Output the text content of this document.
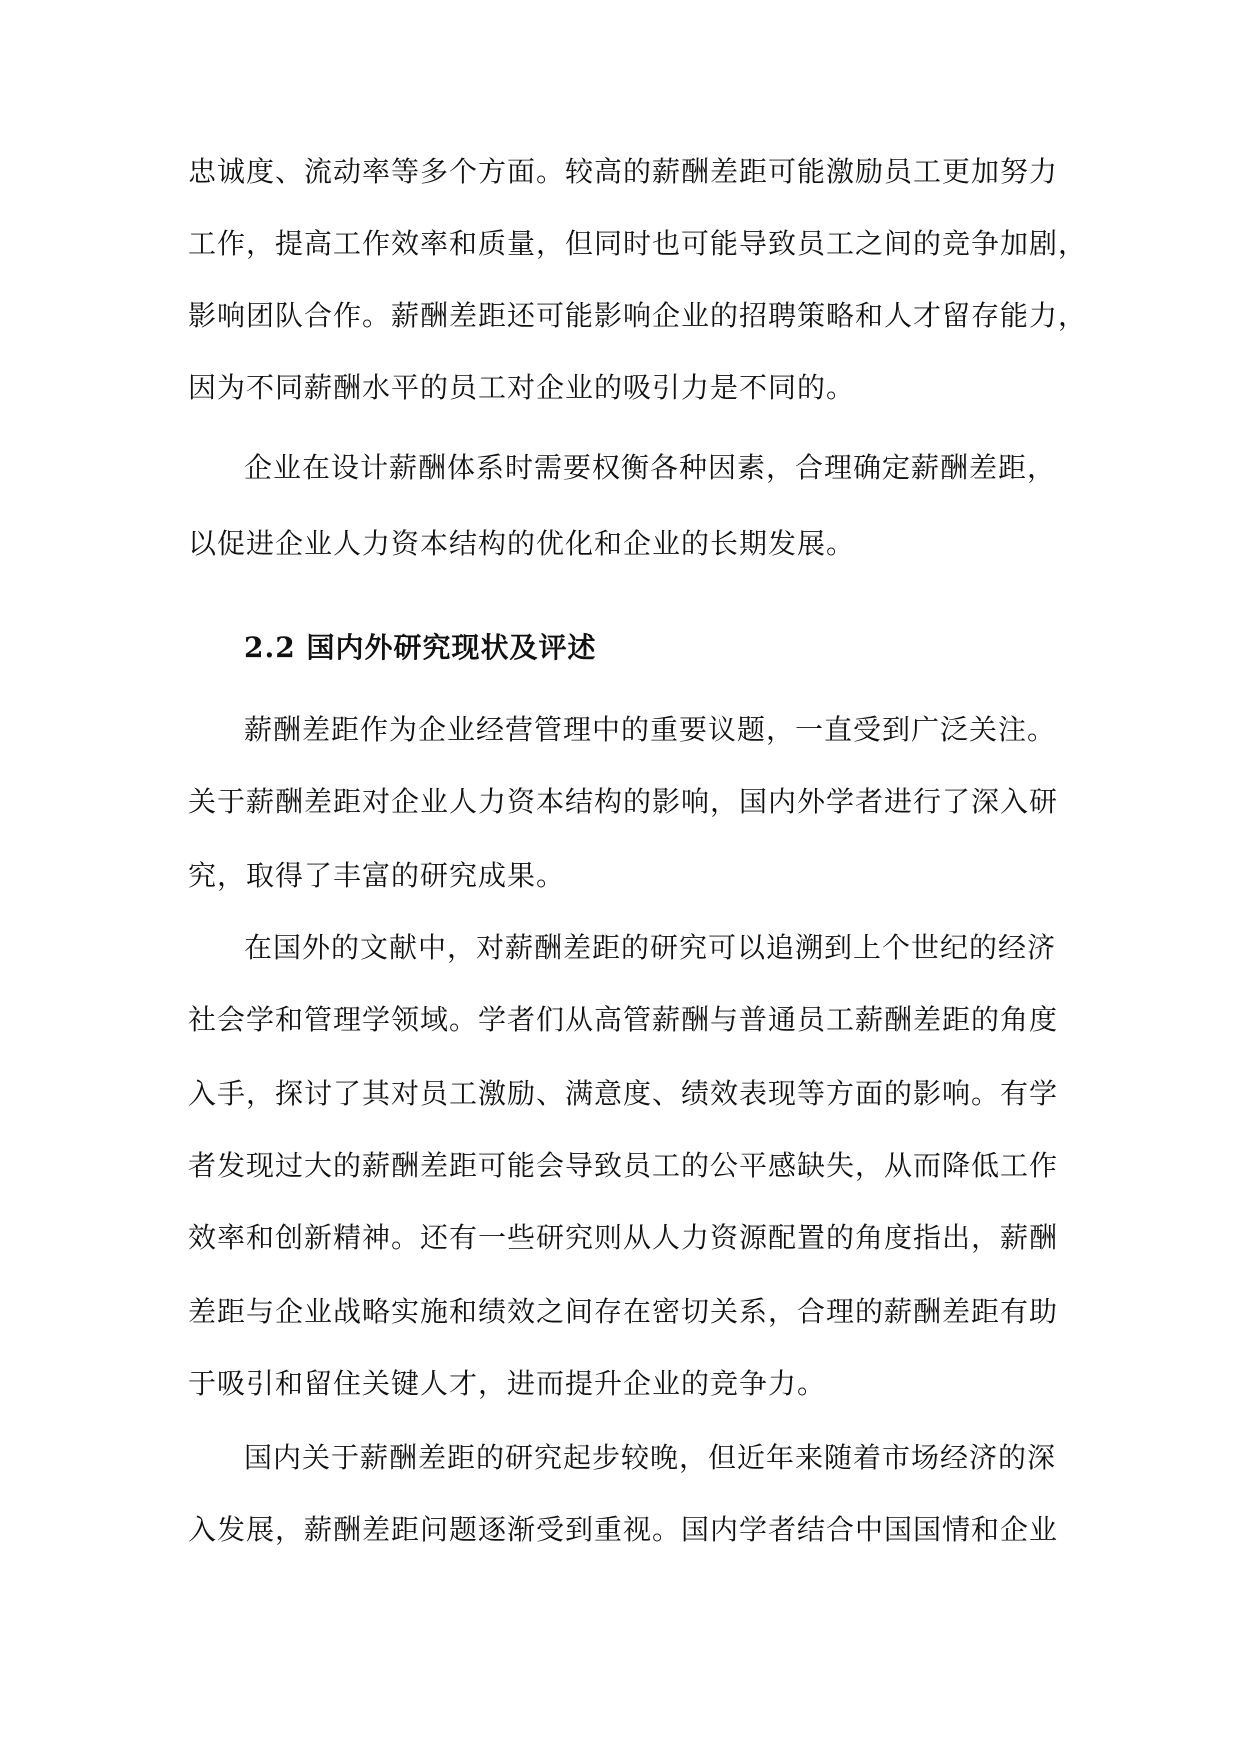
忠诚度、流动率等多个方面。较高的薪酬差距可能激励员工更加努力
工作，提高工作效率和质量，但同时也可能导致员工之间的竞争加剧，
影响团队合作。薪酬差距还可能影响企业的招聘策略和人才留存能力，
因为不同薪酬水平的员工对企业的吸引力是不同的。
企业在设计薪酬体系时需要权衡各种因素，合理确定薪酬差距，
以促进企业人力资本结构的优化和企业的长期发展。
2.2 国内外研究现状及评述
薪酬差距作为企业经营管理中的重要议题，一直受到广泛关注。
关于薪酬差距对企业人力资本结构的影响，国内外学者进行了深入研
究，取得了丰富的研究成果。
在国外的文献中，对薪酬差距的研究可以追溯到上个世纪的经济
社会学和管理学领域。学者们从高管薪酬与普通员工薪酬差距的角度
入手，探讨了其对员工激励、满意度、绩效表现等方面的影响。有学
者发现过大的薪酬差距可能会导致员工的公平感缺失，从而降低工作
效率和创新精神。还有一些研究则从人力资源配置的角度指出，薪酬
差距与企业战略实施和绩效之间存在密切关系，合理的薪酬差距有助
于吸引和留住关键人才，进而提升企业的竞争力。
国内关于薪酬差距的研究起步较晚，但近年来随着市场经济的深
入发展，薪酬差距问题逐渐受到重视。国内学者结合中国国情和企业
